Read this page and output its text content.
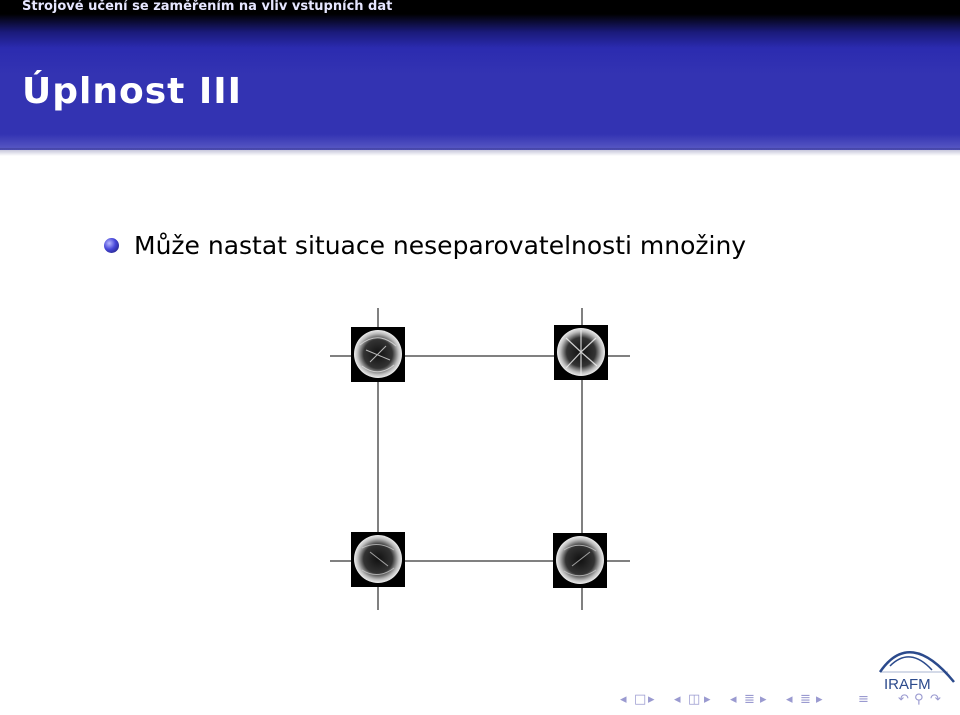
Strojové učení se zaměřením na vliv vstupních dat
Úplnost III
Může nastat situace neseparovatelnosti množiny
IRAFM
◂ □ ▸ ◂ ◫ ▸ ◂ ≣ ▸ ◂ ≣ ▸	≡ ↶ ⚲ ↷
